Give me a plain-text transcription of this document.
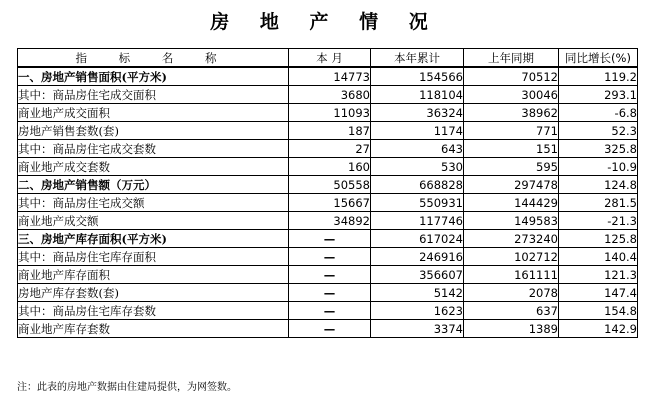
房 地 产 情 况
指 标 名 称	本 月	本年累计	上年同期	同比增长(%)
一、房地产销售面积(平方米)	14773	154566	70512	119.2
其中：商品房住宅成交面积	3680	118104	30046	293.1
商业地产成交面积	11093	36324	38962	-6.8
房地产销售套数(套)	187	1174	771	52.3
其中：商品房住宅成交套数	27	643	151	325.8
商业地产成交套数	160	530	595	-10.9
二、房地产销售额（万元）	50558	668828	297478	124.8
其中：商品房住宅成交额	15667	550931	144429	281.5
商业地产成交额	34892	117746	149583	-21.3
三、房地产库存面积(平方米)	—	617024	273240	125.8
其中：商品房住宅库存面积	—	246916	102712	140.4
商业地产库存面积	—	356607	161111	121.3
房地产库存套数(套)	—	5142	2078	147.4
其中：商品房住宅库存套数	—	1623	637	154.8
商业地产库存套数	—	3374	1389	142.9
注：此表的房地产数据由住建局提供，为网签数。
